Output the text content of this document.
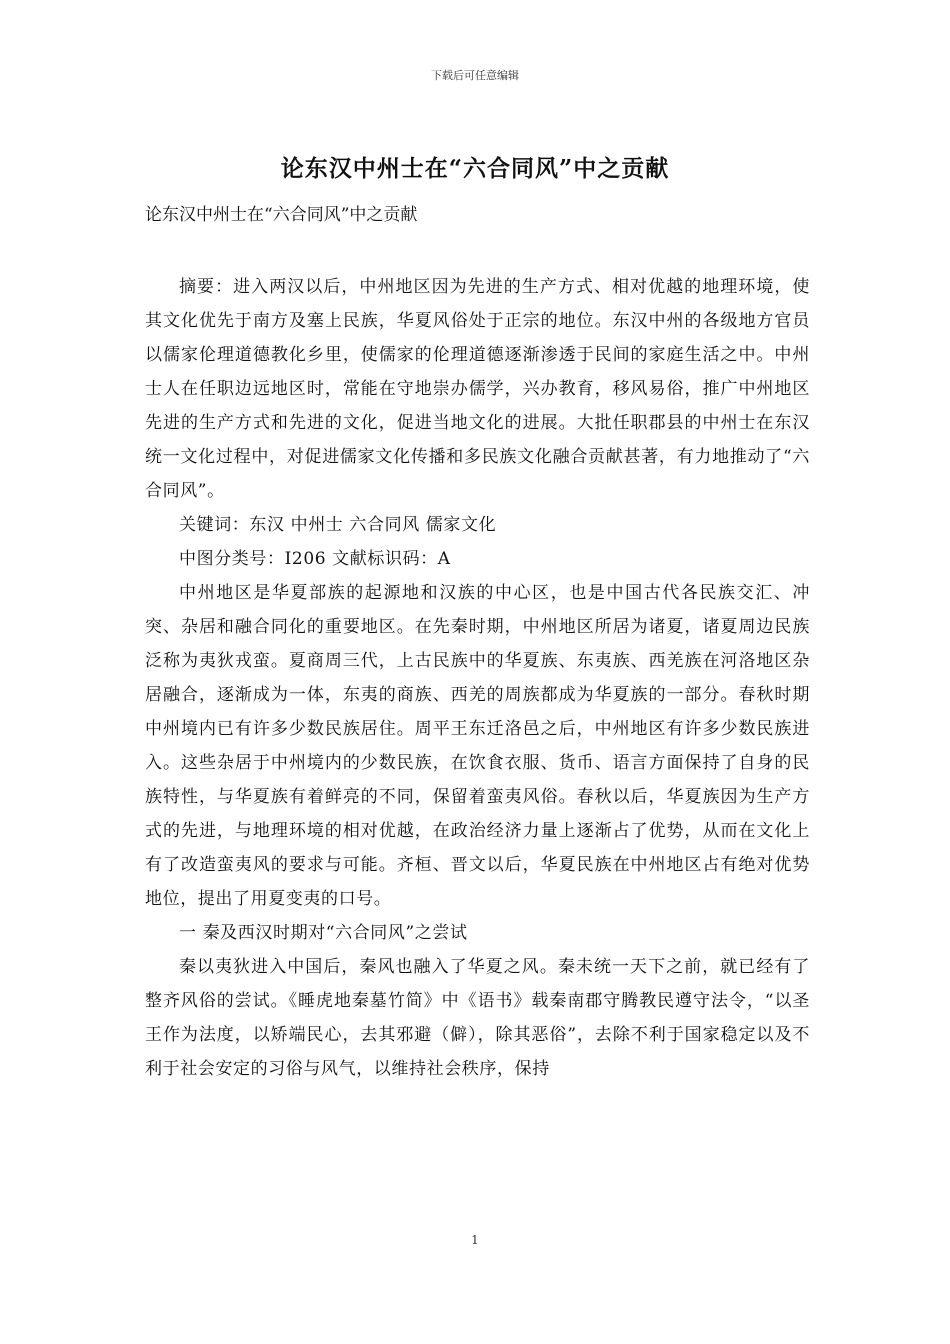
下载后可任意编辑
论东汉中州士在“六合同风”中之贡献
论东汉中州士在“六合同风”中之贡献

摘要：进入两汉以后，中州地区因为先进的生产方式、相对优越的地理环境，使其文化优先于南方及塞上民族，华夏风俗处于正宗的地位。东汉中州的各级地方官员以儒家伦理道德教化乡里，使儒家的伦理道德逐渐渗透于民间的家庭生活之中。中州士人在任职边远地区时，常能在守地崇办儒学，兴办教育，移风易俗，推广中州地区先进的生产方式和先进的文化，促进当地文化的进展。大批任职郡县的中州士在东汉统一文化过程中，对促进儒家文化传播和多民族文化融合贡献甚著，有力地推动了“六合同风”。

关键词：东汉 中州士 六合同风 儒家文化

中图分类号：I206 文献标识码：A

中州地区是华夏部族的起源地和汉族的中心区，也是中国古代各民族交汇、冲突、杂居和融合同化的重要地区。在先秦时期，中州地区所居为诸夏，诸夏周边民族泛称为夷狄戎蛮。夏商周三代，上古民族中的华夏族、东夷族、西羌族在河洛地区杂居融合，逐渐成为一体，东夷的商族、西羌的周族都成为华夏族的一部分。春秋时期中州境内已有许多少数民族居住。周平王东迁洛邑之后，中州地区有许多少数民族进入。这些杂居于中州境内的少数民族，在饮食衣服、货币、语言方面保持了自身的民族特性，与华夏族有着鲜亮的不同，保留着蛮夷风俗。春秋以后，华夏族因为生产方式的先进，与地理环境的相对优越，在政治经济力量上逐渐占了优势，从而在文化上有了改造蛮夷风的要求与可能。齐桓、晋文以后，华夏民族在中州地区占有绝对优势地位，提出了用夏变夷的口号。

一 秦及西汉时期对“六合同风”之尝试

秦以夷狄进入中国后，秦风也融入了华夏之风。秦未统一天下之前，就已经有了整齐风俗的尝试。《睡虎地秦墓竹简》中《语书》载秦南郡守腾教民遵守法令，“以圣王作为法度，以矫端民心，去其邪避（僻），除其恶俗”，去除不利于国家稳定以及不利于社会安定的习俗与风气，以维持社会秩序，保持

1
